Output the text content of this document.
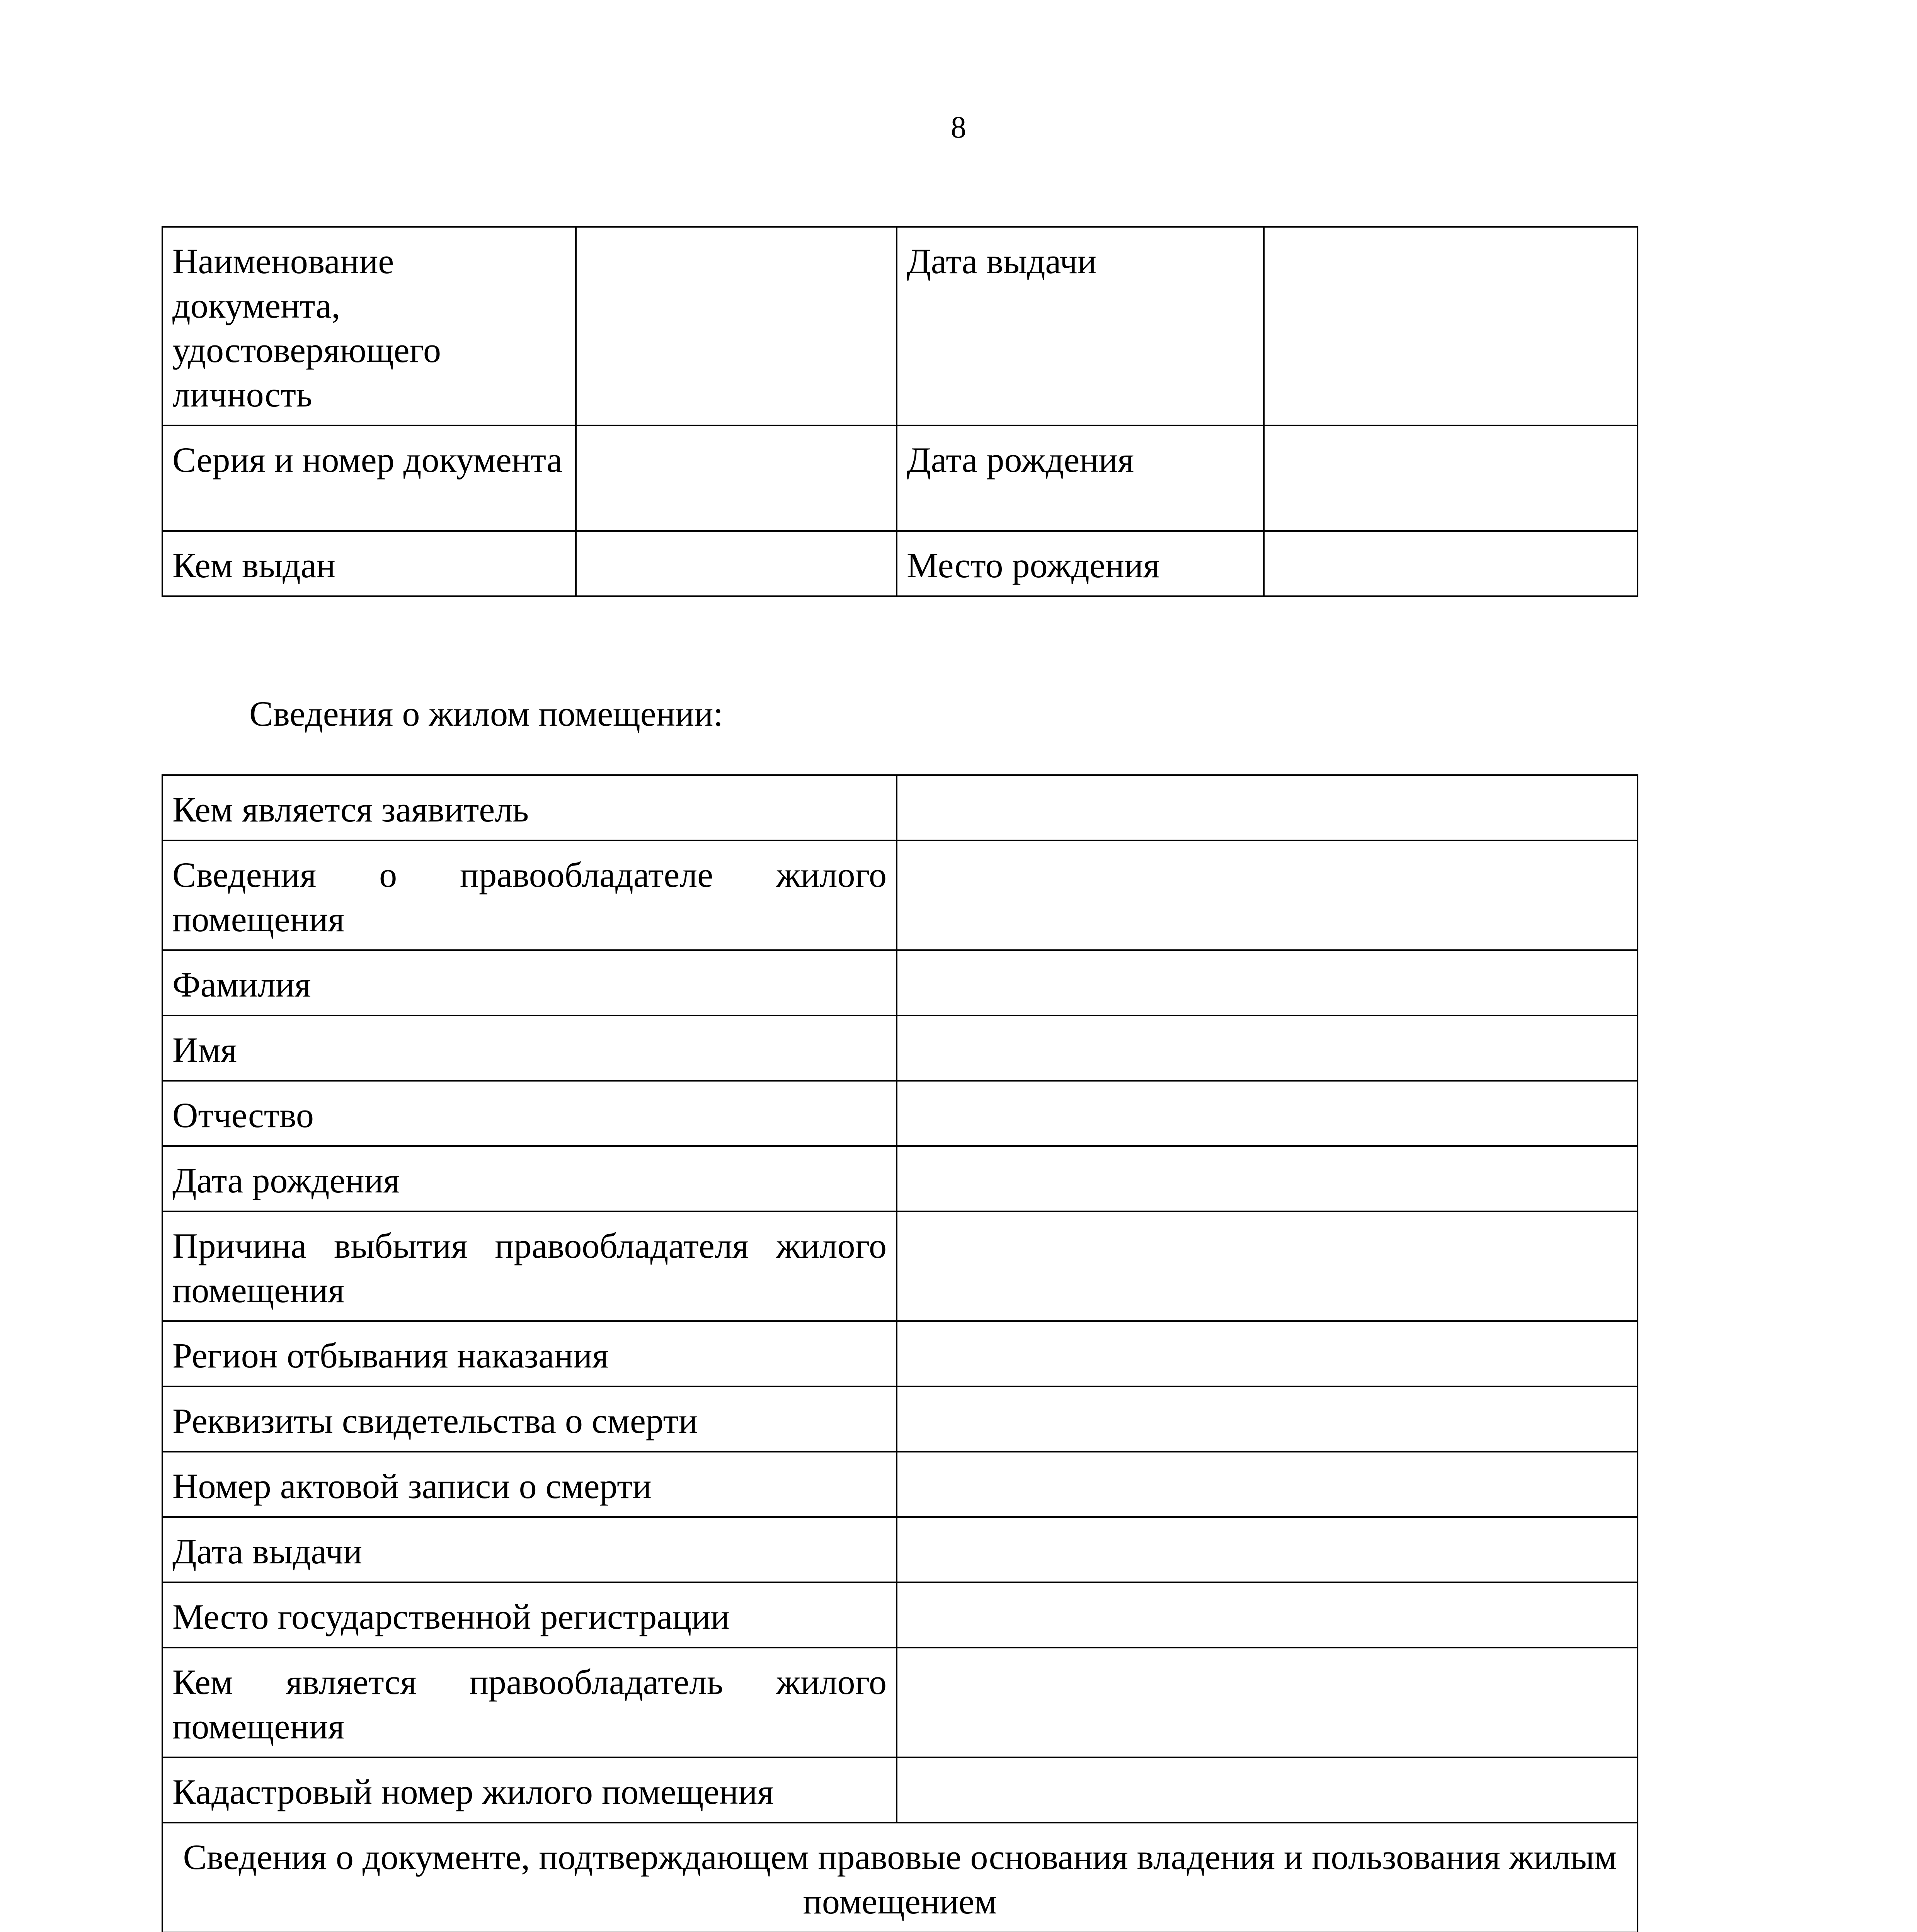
8
Наименование документа, удостоверяющего личность		Дата выдачи	
Серия и номер документа		Дата рождения	
Кем выдан		Место рождения	
Сведения о жилом помещении:
Кем является заявитель	
Сведения о правообладателе жилого помещения	
Фамилия	
Имя	
Отчество	
Дата рождения	
Причина выбытия правообладателя жилого помещения	
Регион отбывания наказания	
Реквизиты свидетельства о смерти	
Номер актовой записи о смерти	
Дата выдачи	
Место государственной регистрации	
Кем является правообладатель жилого помещения	
Кадастровый номер жилого помещения	
Сведения о документе, подтверждающем правовые основания владения и пользования жилым помещением	
